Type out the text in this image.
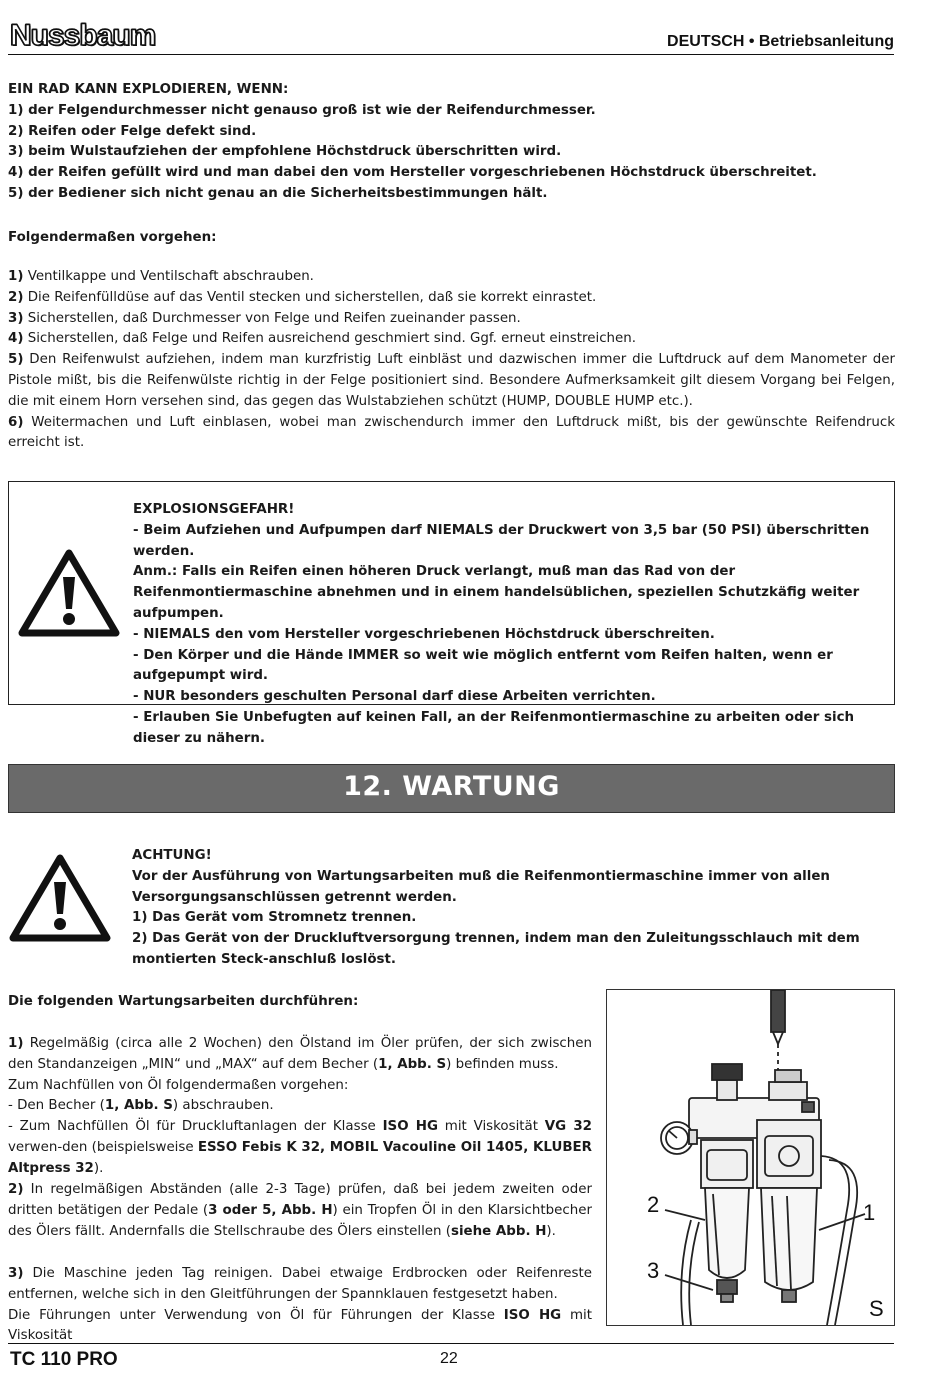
Nussbaum	DEUTSCH • Betriebsanleitung

EIN RAD KANN EXPLODIEREN, WENN:

1) der Felgendurchmesser nicht genauso groß ist wie der Reifendurchmesser.

2) Reifen oder Felge defekt sind.

3) beim Wulstaufziehen der empfohlene Höchstdruck überschritten wird.

4) der Reifen gefüllt wird und man dabei den vom Hersteller vorgeschriebenen Höchstdruck überschreitet.

5) der Bediener sich nicht genau an die Sicherheitsbestimmungen hält.

Folgendermaßen vorgehen:

1) Ventilkappe und Ventilschaft abschrauben.

2) Die Reifenfülldüse auf das Ventil stecken und sicherstellen, daß sie korrekt einrastet.

3) Sicherstellen, daß Durchmesser von Felge und Reifen zueinander passen.

4) Sicherstellen, daß Felge und Reifen ausreichend geschmiert sind. Ggf. erneut einstreichen.

5) Den Reifenwulst aufziehen, indem man kurzfristig Luft einbläst und dazwischen immer die Luftdruck auf dem Manometer der Pistole mißt, bis die Reifenwülste richtig in der Felge positioniert sind. Besondere Aufmerksamkeit gilt diesem Vorgang bei Felgen, die mit einem Horn versehen sind, das gegen das Wulstabziehen schützt (HUMP, DOUBLE HUMP etc.).

6) Weitermachen und Luft einblasen, wobei man zwischendurch immer den Luftdruck mißt, bis der gewünschte Reifendruck erreicht ist.

EXPLOSIONSGEFAHR!

- Beim Aufziehen und Aufpumpen darf NIEMALS der Druckwert von 3,5 bar (50 PSI) überschritten werden.

Anm.: Falls ein Reifen einen höheren Druck verlangt, muß man das Rad von der Reifenmontiermaschine abnehmen und in einem handelsüblichen, speziellen Schutzkäfig weiter aufpumpen.

- NIEMALS den vom Hersteller vorgeschriebenen Höchstdruck überschreiten.

- Den Körper und die Hände IMMER so weit wie möglich entfernt vom Reifen halten, wenn er aufgepumpt wird.

- NUR besonders geschulten Personal darf diese Arbeiten verrichten.

- Erlauben Sie Unbefugten auf keinen Fall, an der Reifenmontiermaschine zu arbeiten oder sich dieser zu nähern.

12. WARTUNG

ACHTUNG!

Vor der Ausführung von Wartungsarbeiten muß die Reifenmontiermaschine immer von allen Versorgungsanschlüssen getrennt werden.

1) Das Gerät vom Stromnetz trennen.

2) Das Gerät von der Druckluftversorgung trennen, indem man den Zuleitungsschlauch mit dem montierten Steck-anschluß loslöst.

Die folgenden Wartungsarbeiten durchführen:

1) Regelmäßig (circa alle 2 Wochen) den Ölstand im Öler prüfen, der sich zwischen den Standanzeigen „MIN“ und „MAX“ auf dem Becher (1, Abb. S) befinden muss.

Zum Nachfüllen von Öl folgendermaßen vorgehen:

- Den Becher (1, Abb. S) abschrauben.

- Zum Nachfüllen Öl für Druckluftanlagen der Klasse ISO HG mit Viskosität VG 32 verwen-den (beispielsweise ESSO Febis K 32, MOBIL Vacouline Oil 1405, KLUBER Altpress 32).

2) In regelmäßigen Abständen (alle 2-3 Tage) prüfen, daß bei jedem zweiten oder dritten betätigen der Pedale (3 oder 5, Abb. H) ein Tropfen Öl in den Klarsichtbecher des Ölers fällt. Andernfalls die Stellschraube des Ölers einstellen (siehe Abb. H).

3) Die Maschine jeden Tag reinigen. Dabei etwaige Erdbrocken oder Reifenreste entfernen, welche sich in den Gleitführungen der Spannklauen festgesetzt haben.

Die Führungen unter Verwendung von Öl für Führungen der Klasse ISO HG mit Viskosität

2
3
1
S
TC 110 PRO	22
